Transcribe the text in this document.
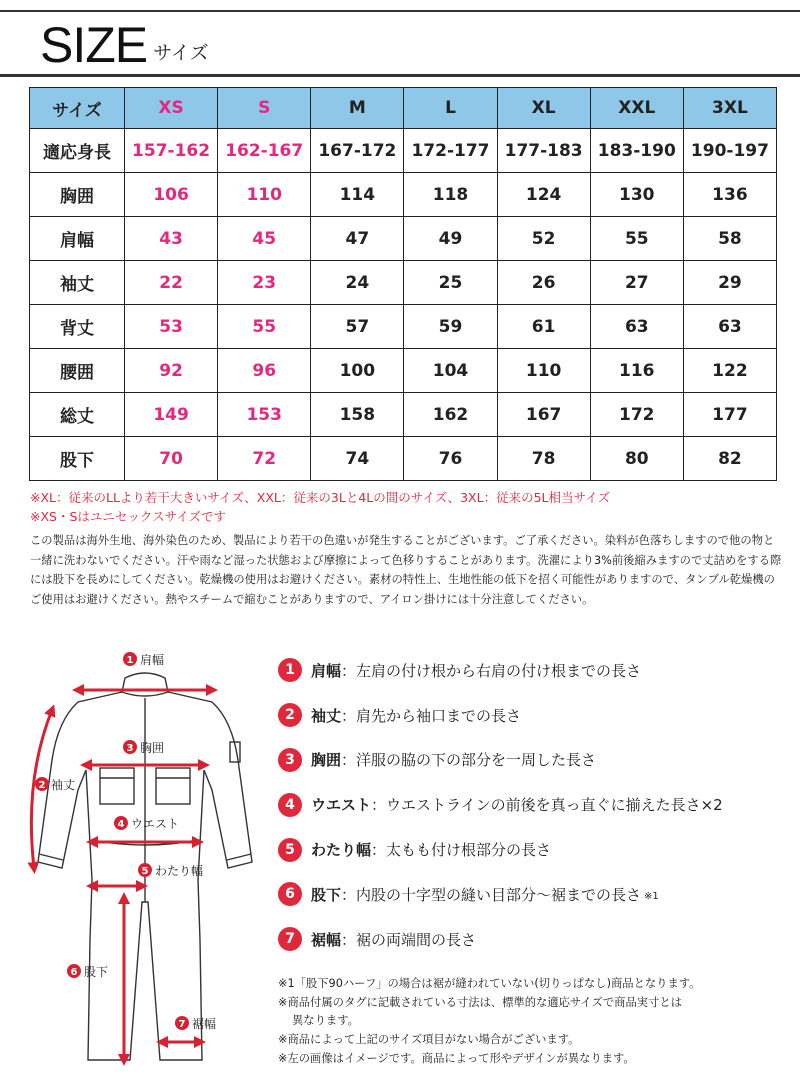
SIZE サイズ
サイズ	XS	S	M	L	XL	XXL	3XL
適応身長	157-162	162-167	167-172	172-177	177-183	183-190	190-197
胸囲	106	110	114	118	124	130	136
肩幅	43	45	47	49	52	55	58
袖丈	22	23	24	25	26	27	29
背丈	53	55	57	59	61	63	63
腰囲	92	96	100	104	110	116	122
総丈	149	153	158	162	167	172	177
股下	70	72	74	76	78	80	82
※XL：従来のLLより若干大きいサイズ、XXL：従来の3Lと4Lの間のサイズ、3XL：従来の5L相当サイズ
※XS・Sはユニセックスサイズです
この製品は海外生地、海外染色のため、製品により若干の色違いが発生することがございます。ご了承ください。染料が色落ちしますので他の物と一緒に洗わないでください。汗や雨など湿った状態および摩擦によって色移りすることがあります。洗濯により3%前後縮みますので丈詰めをする際には股下を長めにしてください。乾燥機の使用はお避けください。素材の特性上、生地性能の低下を招く可能性がありますので、タンブル乾燥機のご使用はお避けください。熱やスチームで縮むことがありますので、アイロン掛けには十分注意してください。
1 肩幅
2 袖丈
3 胸囲
4 ウエスト
5 わたり幅
6 股下
7 裾幅
1	肩幅 ：左肩の付け根から右肩の付け根までの長さ
2	袖丈 ：肩先から袖口までの長さ
3	胸囲 ：洋服の脇の下の部分を一周した長さ
4	ウエスト ：ウエストラインの前後を真っ直ぐに揃えた長さ×2
5	わたり幅 ：太もも付け根部分の長さ
6	股下 ：内股の十字型の縫い目部分〜裾までの長さ ※1
7	裾幅 ：裾の両端間の長さ
※1「股下90ハーフ」の場合は裾が縫われていない(切りっぱなし)商品となります。
※商品付属のタグに記載されている寸法は、標準的な適応サイズで商品実寸とは
異なります。
※商品によって上記のサイズ項目がない場合がございます。
※左の画像はイメージです。商品によって形やデザインが異なります。
